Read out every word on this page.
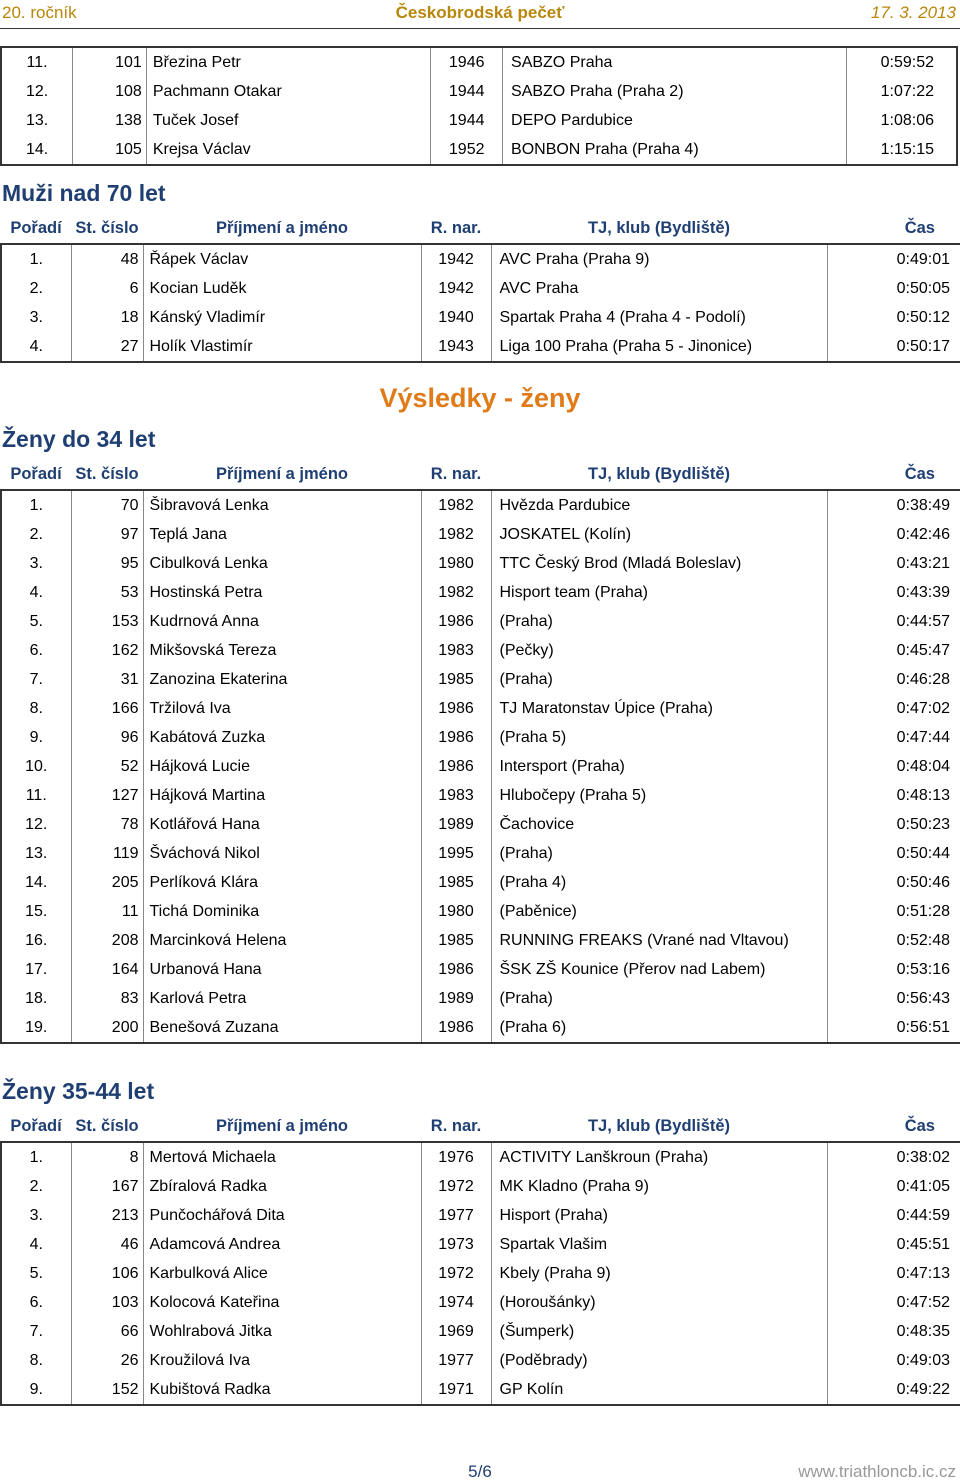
20. ročník	Českobrodská pečeť	17. 3. 2013
11.	101	Březina Petr	1946	SABZO Praha	0:59:52
12.	108	Pachmann Otakar	1944	SABZO Praha (Praha 2)	1:07:22
13.	138	Tuček Josef	1944	DEPO Pardubice	1:08:06
14.	105	Krejsa Václav	1952	BONBON Praha (Praha 4)	1:15:15
Muži nad 70 let
Pořadí	St. číslo	Příjmení a jméno	R. nar.	TJ, klub (Bydliště)	Čas
1.	48	Řápek Václav	1942	AVC Praha (Praha 9)	0:49:01
2.	6	Kocian Luděk	1942	AVC Praha	0:50:05
3.	18	Kánský Vladimír	1940	Spartak Praha 4 (Praha 4 - Podolí)	0:50:12
4.	27	Holík Vlastimír	1943	Liga 100 Praha (Praha 5 - Jinonice)	0:50:17
Výsledky - ženy
Ženy do 34 let
Pořadí	St. číslo	Příjmení a jméno	R. nar.	TJ, klub (Bydliště)	Čas
1.	70	Šibravová Lenka	1982	Hvězda Pardubice	0:38:49
2.	97	Teplá Jana	1982	JOSKATEL (Kolín)	0:42:46
3.	95	Cibulková Lenka	1980	TTC Český Brod (Mladá Boleslav)	0:43:21
4.	53	Hostinská Petra	1982	Hisport team (Praha)	0:43:39
5.	153	Kudrnová Anna	1986	(Praha)	0:44:57
6.	162	Mikšovská Tereza	1983	(Pečky)	0:45:47
7.	31	Zanozina Ekaterina	1985	(Praha)	0:46:28
8.	166	Tržilová Iva	1986	TJ Maratonstav Úpice (Praha)	0:47:02
9.	96	Kabátová Zuzka	1986	(Praha 5)	0:47:44
10.	52	Hájková Lucie	1986	Intersport (Praha)	0:48:04
11.	127	Hájková Martina	1983	Hlubočepy (Praha 5)	0:48:13
12.	78	Kotlářová Hana	1989	Čachovice	0:50:23
13.	119	Šváchová Nikol	1995	(Praha)	0:50:44
14.	205	Perlíková Klára	1985	(Praha 4)	0:50:46
15.	11	Tichá Dominika	1980	(Paběnice)	0:51:28
16.	208	Marcinková Helena	1985	RUNNING FREAKS (Vrané nad Vltavou)	0:52:48
17.	164	Urbanová Hana	1986	ŠSK ZŠ Kounice (Přerov nad Labem)	0:53:16
18.	83	Karlová Petra	1989	(Praha)	0:56:43
19.	200	Benešová Zuzana	1986	(Praha 6)	0:56:51
Ženy 35-44 let
Pořadí	St. číslo	Příjmení a jméno	R. nar.	TJ, klub (Bydliště)	Čas
1.	8	Mertová Michaela	1976	ACTIVITY Lanškroun (Praha)	0:38:02
2.	167	Zbíralová Radka	1972	MK Kladno (Praha 9)	0:41:05
3.	213	Punčochářová Dita	1977	Hisport (Praha)	0:44:59
4.	46	Adamcová Andrea	1973	Spartak Vlašim	0:45:51
5.	106	Karbulková Alice	1972	Kbely (Praha 9)	0:47:13
6.	103	Kolocová Kateřina	1974	(Horoušánky)	0:47:52
7.	66	Wohlrabová Jitka	1969	(Šumperk)	0:48:35
8.	26	Kroužilová Iva	1977	(Poděbrady)	0:49:03
9.	152	Kubištová Radka	1971	GP Kolín	0:49:22
5/6	www.triathloncb.ic.cz
